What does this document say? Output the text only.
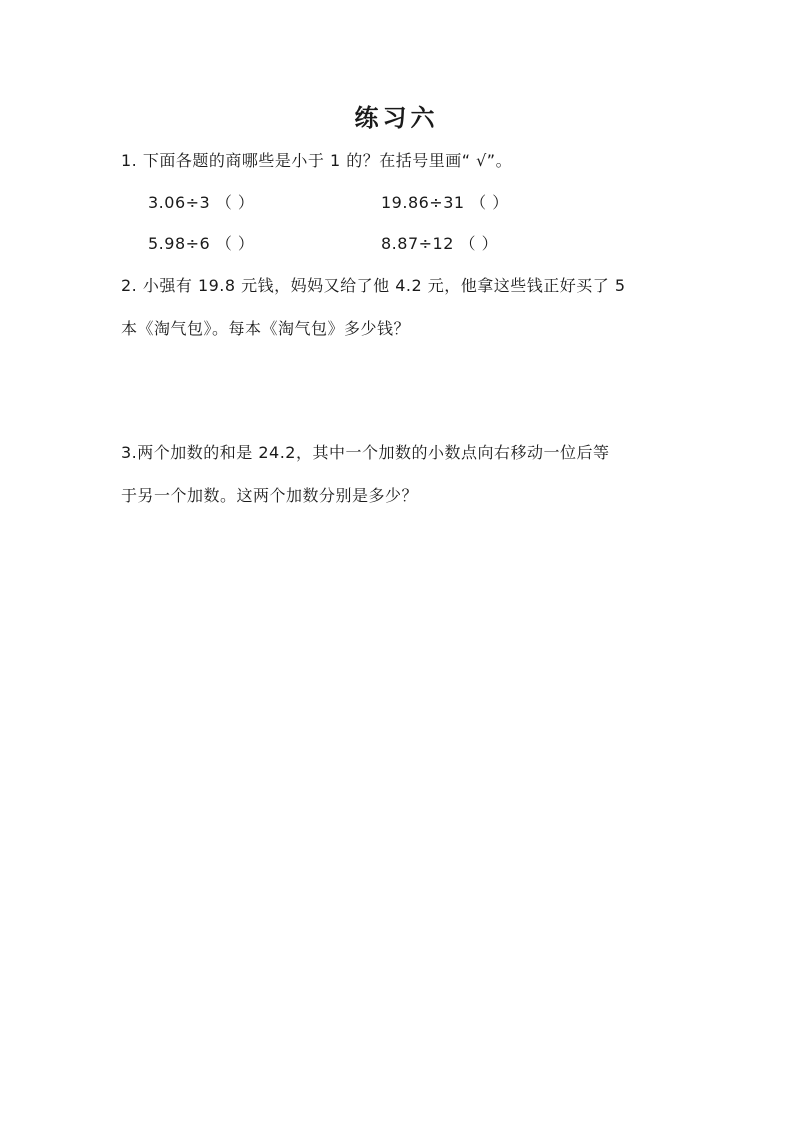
练习六
1. 下面各题的商哪些是小于 1 的？在括号里画“ √”。
3.06÷3 （ ）	19.86÷31 （ ）
5.98÷6 （ ）	8.87÷12 （ ）
2. 小强有 19.8 元钱，妈妈又给了他 4.2 元，他拿这些钱正好买了 5
本《淘气包》。每本《淘气包》多少钱？
3.两个加数的和是 24.2，其中一个加数的小数点向右移动一位后等
于另一个加数。这两个加数分别是多少？
